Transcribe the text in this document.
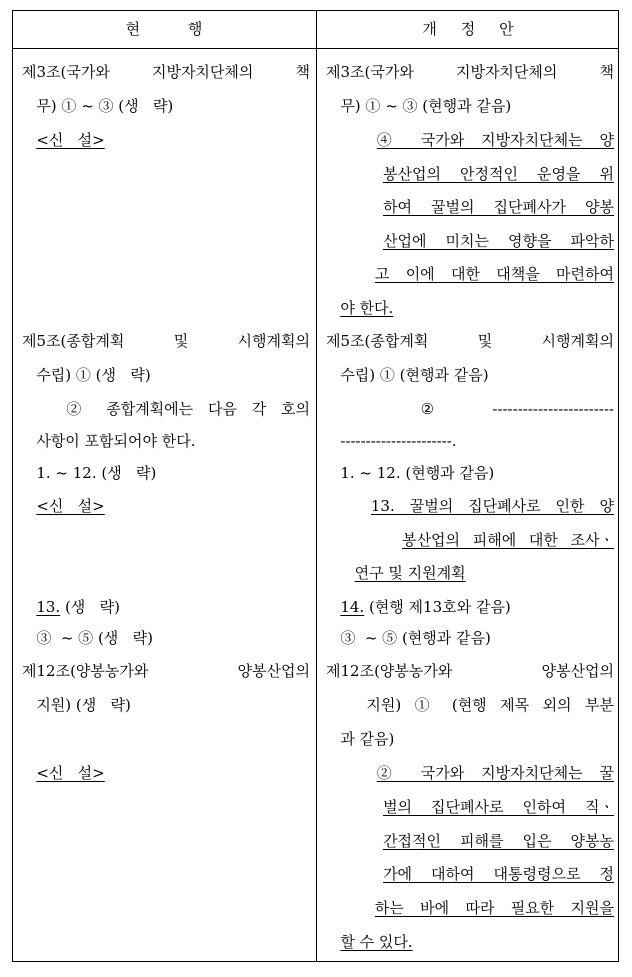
현          행	개     정     안
제3조(국가와 지방자치단체의 책
무) ① ~ ③ (생   략)
<신   설>
제5조(종합계획 및 시행계획의
수립) ① (생   략)
② 종합계획에는 다음 각 호의
사항이 포함되어야 한다.
1. ~ 12. (생   략)
<신   설>
13. (생   략)
③  ~ ⑤ (생   략)
제12조(양봉농가와    양봉산업의
지원) (생   략)
<신   설>
제3조(국가와 지방자치단체의 책
무) ① ~ ③ (현행과 같음)
④ 국가와 지방자치단체는 양
봉산업의 안정적인 운영을 위
하여 꿀벌의 집단폐사가 양봉
산업에 미치는 영향을 파악하
고 이에 대한 대책을 마련하여
야 한다.
제5조(종합계획 및 시행계획의
수립) ① (현행과 같음)
② ------------------------
----------------------.
1. ~ 12. (현행과 같음)
13. 꿀벌의 집단폐사로 인한 양
봉산업의 피해에 대한 조사ㆍ
연구 및 지원계획
14. (현행 제13호와 같음)
③  ~ ⑤ (현행과 같음)
제12조(양봉농가와    양봉산업의
지원) ① (현행 제목 외의 부분
과 같음)
② 국가와 지방자치단체는 꿀
벌의 집단폐사로 인하여 직ㆍ
간접적인 피해를 입은 양봉농
가에 대하여 대통령령으로 정
하는 바에 따라 필요한 지원을
할 수 있다.
